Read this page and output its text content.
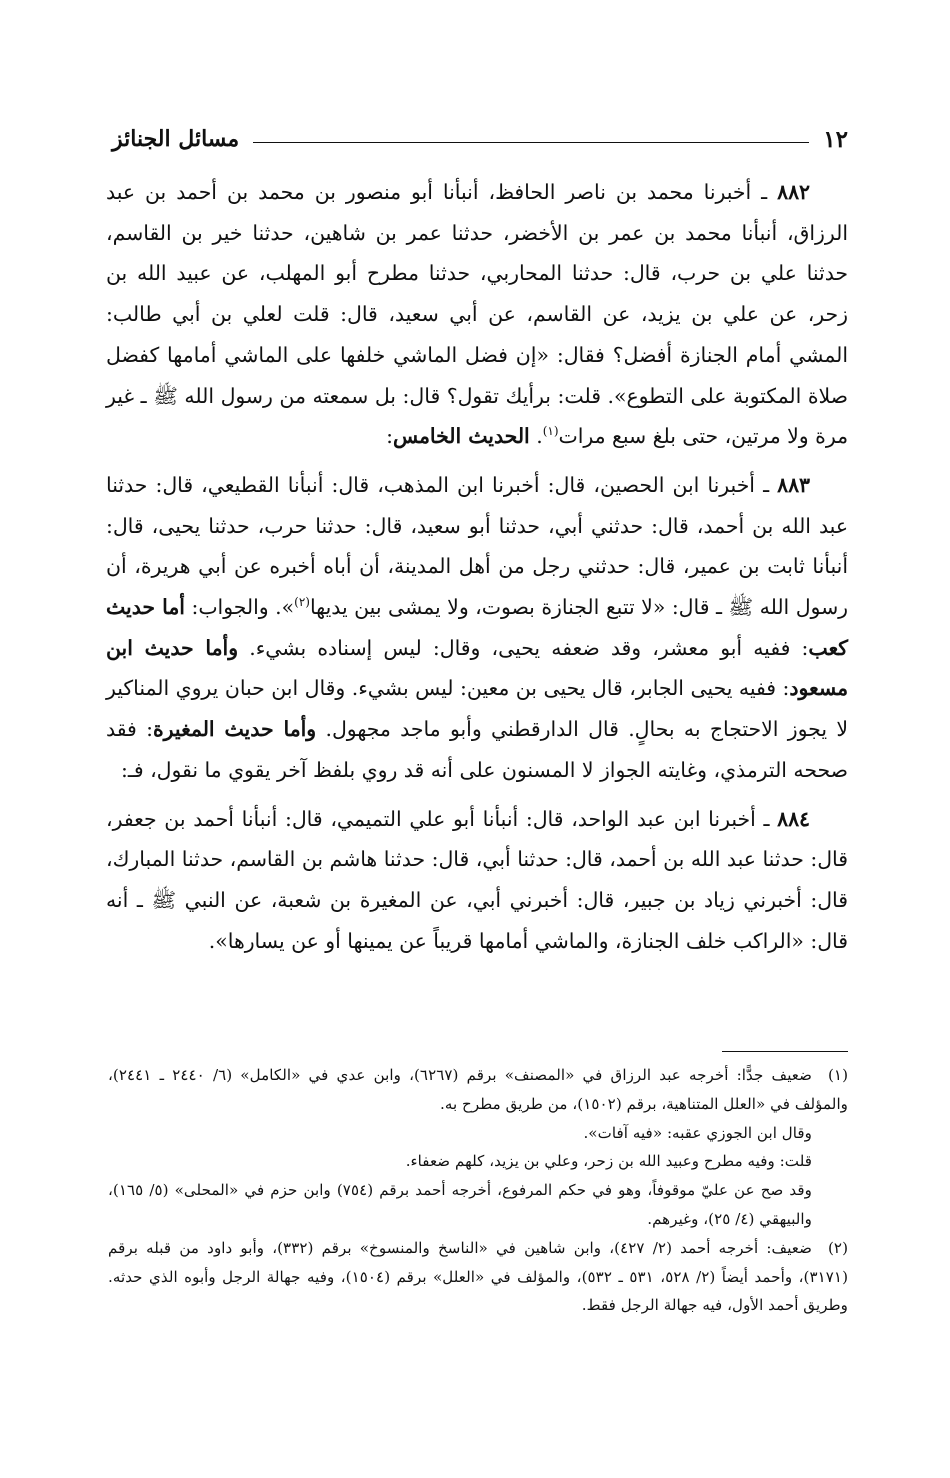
١٢
مسائل الجنائز

٨٨٢ ـ أخبرنا محمد بن ناصر الحافظ، أنبأنا أبو منصور بن محمد بن أحمد بن عبد الرزاق، أنبأنا محمد بن عمر بن الأخضر، حدثنا عمر بن شاهين، حدثنا خير بن القاسم، حدثنا علي بن حرب، قال: حدثنا المحاربي، حدثنا مطرح أبو المهلب، عن عبيد الله بن زحر، عن علي بن يزيد، عن القاسم، عن أبي سعيد، قال: قلت لعلي بن أبي طالب: المشي أمام الجنازة أفضل؟ فقال: «إن فضل الماشي خلفها على الماشي أمامها كفضل صلاة المكتوبة على التطوع». قلت: برأيك تقول؟ قال: بل سمعته من رسول الله ﷺ ـ غير مرة ولا مرتين، حتى بلغ سبع مرات$^{(١)}$. الحديث الخامس:

٨٨٣ ـ أخبرنا ابن الحصين، قال: أخبرنا ابن المذهب، قال: أنبأنا القطيعي، قال: حدثنا عبد الله بن أحمد، قال: حدثني أبي، حدثنا أبو سعيد، قال: حدثنا حرب، حدثنا يحيى، قال: أنبأنا ثابت بن عمير، قال: حدثني رجل من أهل المدينة، أن أباه أخبره عن أبي هريرة، أن رسول الله ﷺ ـ قال: «لا تتبع الجنازة بصوت، ولا يمشى بين يديها$^{(٢)}$». والجواب: أما حديث كعب: ففيه أبو معشر، وقد ضعفه يحيى، وقال: ليس إسناده بشيء. وأما حديث ابن مسعود: ففيه يحيى الجابر، قال يحيى بن معين: ليس بشيء. وقال ابن حبان يروي المناكير لا يجوز الاحتجاج به بحالٍ. قال الدارقطني وأبو ماجد مجهول. وأما حديث المغيرة: فقد صححه الترمذي، وغايته الجواز لا المسنون على أنه قد روي بلفظ آخر يقوي ما نقول، فـ:

٨٨٤ ـ أخبرنا ابن عبد الواحد، قال: أنبأنا أبو علي التميمي، قال: أنبأنا أحمد بن جعفر، قال: حدثنا عبد الله بن أحمد، قال: حدثنا أبي، قال: حدثنا هاشم بن القاسم، حدثنا المبارك، قال: أخبرني زياد بن جبير، قال: أخبرني أبي، عن المغيرة بن شعبة، عن النبي ﷺ ـ أنه قال: «الراكب خلف الجنازة، والماشي أمامها قريباً عن يمينها أو عن يسارها».

(١)ضعيف جدًّا: أخرجه عبد الرزاق في «المصنف» برقم (٦٢٦٧)، وابن عدي في «الكامل» (٦/ ٢٤٤٠ ـ ٢٤٤١)، والمؤلف في «العلل المتناهية، برقم (١٥٠٢)، من طريق مطرح به.

وقال ابن الجوزي عقبه: «فيه آفات».

قلت: وفيه مطرح وعبيد الله بن زحر، وعلي بن يزيد، كلهم ضعفاء.

وقد صح عن عليّ موقوفاً، وهو في حكم المرفوع، أخرجه أحمد برقم (٧٥٤) وابن حزم في «المحلى» (٥/ ١٦٥)، والبيهقي (٤/ ٢٥)، وغيرهم.

(٢)ضعيف: أخرجه أحمد (٢/ ٤٢٧)، وابن شاهين في «الناسخ والمنسوخ» برقم (٣٣٢)، وأبو داود من قبله برقم (٣١٧١)، وأحمد أيضاً (٢/ ٥٢٨، ٥٣١ ـ ٥٣٢)، والمؤلف في «العلل» برقم (١٥٠٤)، وفيه جهالة الرجل وأبوه الذي حدثه. وطريق أحمد الأول، فيه جهالة الرجل فقط.
